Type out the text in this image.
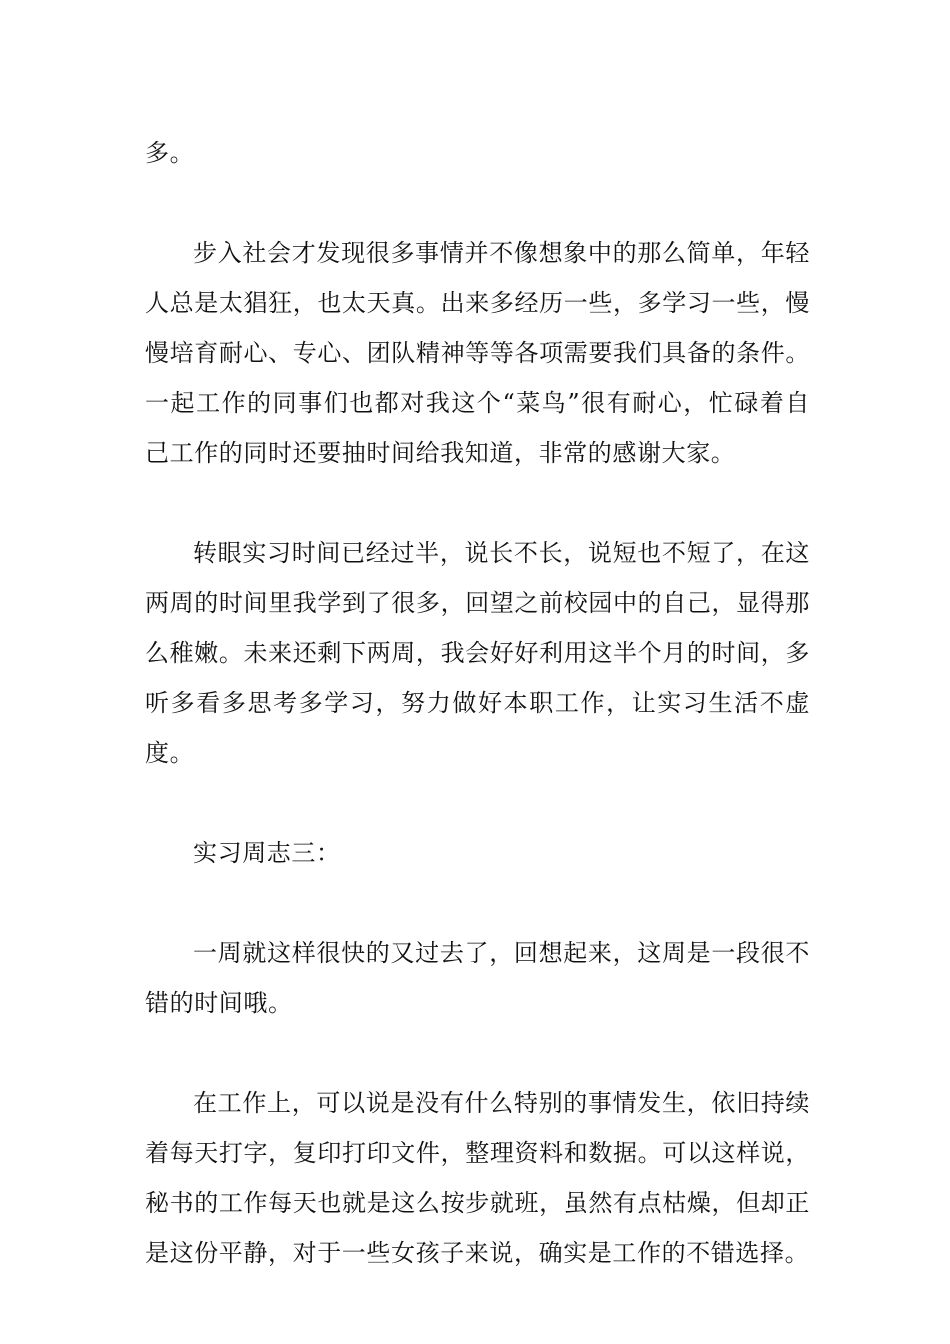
多。

步入社会才发现很多事情并不像想象中的那么简单，年轻人总是太猖狂，也太天真。出来多经历一些，多学习一些，慢慢培育耐心、专心、团队精神等等各项需要我们具备的条件。一起工作的同事们也都对我这个“菜鸟”很有耐心，忙碌着自己工作的同时还要抽时间给我知道，非常的感谢大家。

转眼实习时间已经过半，说长不长，说短也不短了，在这两周的时间里我学到了很多，回望之前校园中的自己，显得那么稚嫩。未来还剩下两周，我会好好利用这半个月的时间，多听多看多思考多学习，努力做好本职工作，让实习生活不虚度。

实习周志三：

一周就这样很快的又过去了，回想起来，这周是一段很不错的时间哦。

在工作上，可以说是没有什么特别的事情发生，依旧持续着每天打字，复印打印文件，整理资料和数据。可以这样说，秘书的工作每天也就是这么按步就班，虽然有点枯燥，但却正是这份平静，对于一些女孩子来说，确实是工作的不错选择。
